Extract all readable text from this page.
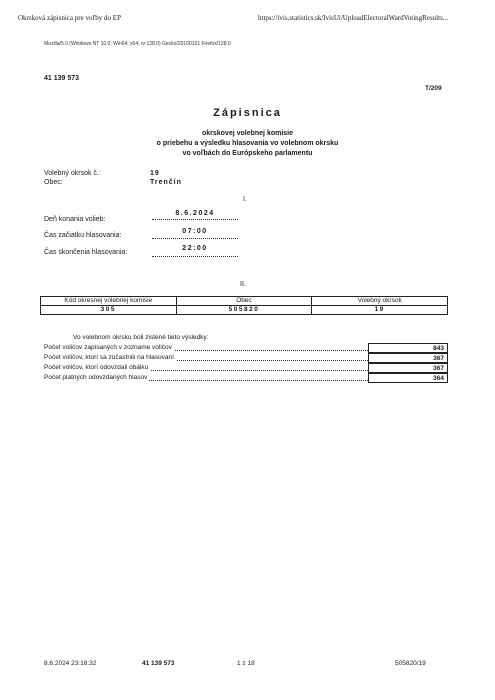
Okrsková zápisnica pre voľby do EP	https://ivis.statistics.sk/IvisUi/UploadElectoralWardVotingResults...
Mozilla/5.0 (Windows NT 10.0; Win64; x64; rv:128.0) Gecko/20100101 Firefox/128.0
41 139 573
T/209
Zápisnica
okrskovej volebnej komisie
o priebehu a výsledku hlasovania vo volebnom okrsku
vo voľbách do Európskeho parlamentu
Volebný okrsok č.:	19
Obec:	Trenčín
I.
Deň konania volieb:
8.6.2024
Čas začiatku hlasovania:
07:00
Čas skončenia hlasovania:
22:00
II.
Kód okresnej volebnej komisie	Obec	Volebný okrsok
305	505820	19
Vo volebnom okrsku boli zistené tieto výsledky:
Počet voličov zapísaných v zozname voličov	843
Počet voličov, ktorí sa zúčastnili na hlasovaní	367
Počet voličov, ktorí odovzdali obálku	367
Počet platných odovzdaných hlasov	364
8.6.2024 23:18:32	41 139 573	1 z 18	505820/19
